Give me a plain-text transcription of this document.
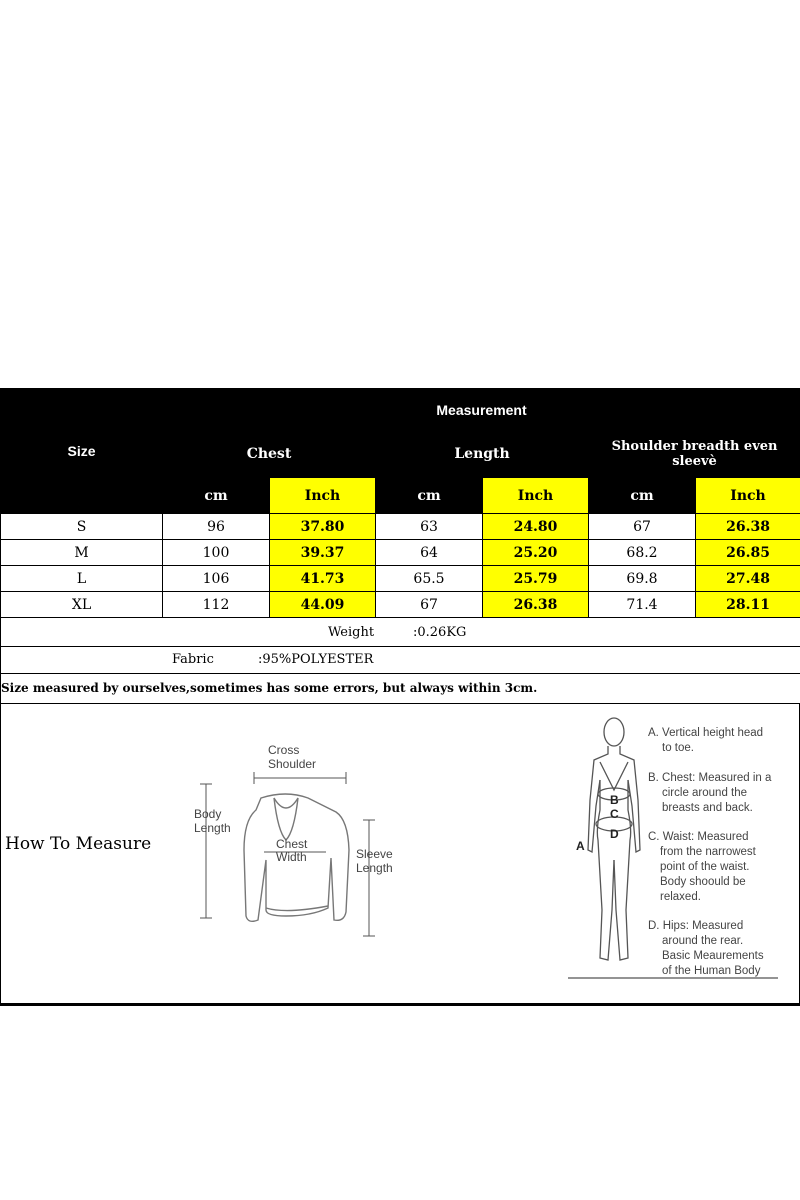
Size	Measurement					
	Chest		Length		Shoulder breadth even sleevè	
	cm	Inch	cm	Inch	cm	Inch
S	96	37.80	63	24.80	67	26.38
M	100	39.37	64	25.20	68.2	26.85
L	106	41.73	65.5	25.79	69.8	27.48
XL	112	44.09	67	26.38	71.4	28.11
Weight	:0.26KG
Fabric	:95%POLYESTER
Size measured by ourselves,sometimes has some errors, but always within 3cm.
How To Measure
Cross
Shoulder
Body
Length
Chest
Width	Sleeve
Length
A
B
C
D
A. Vertical height head
to toe.
B. Chest: Measured in a
circle around the
breasts and back.
C. Waist: Measured
from the narrowest
point of the waist.
Body shoould be
relaxed.
D. Hips: Measured
around the rear.
Basic Meaurements
of the Human Body
